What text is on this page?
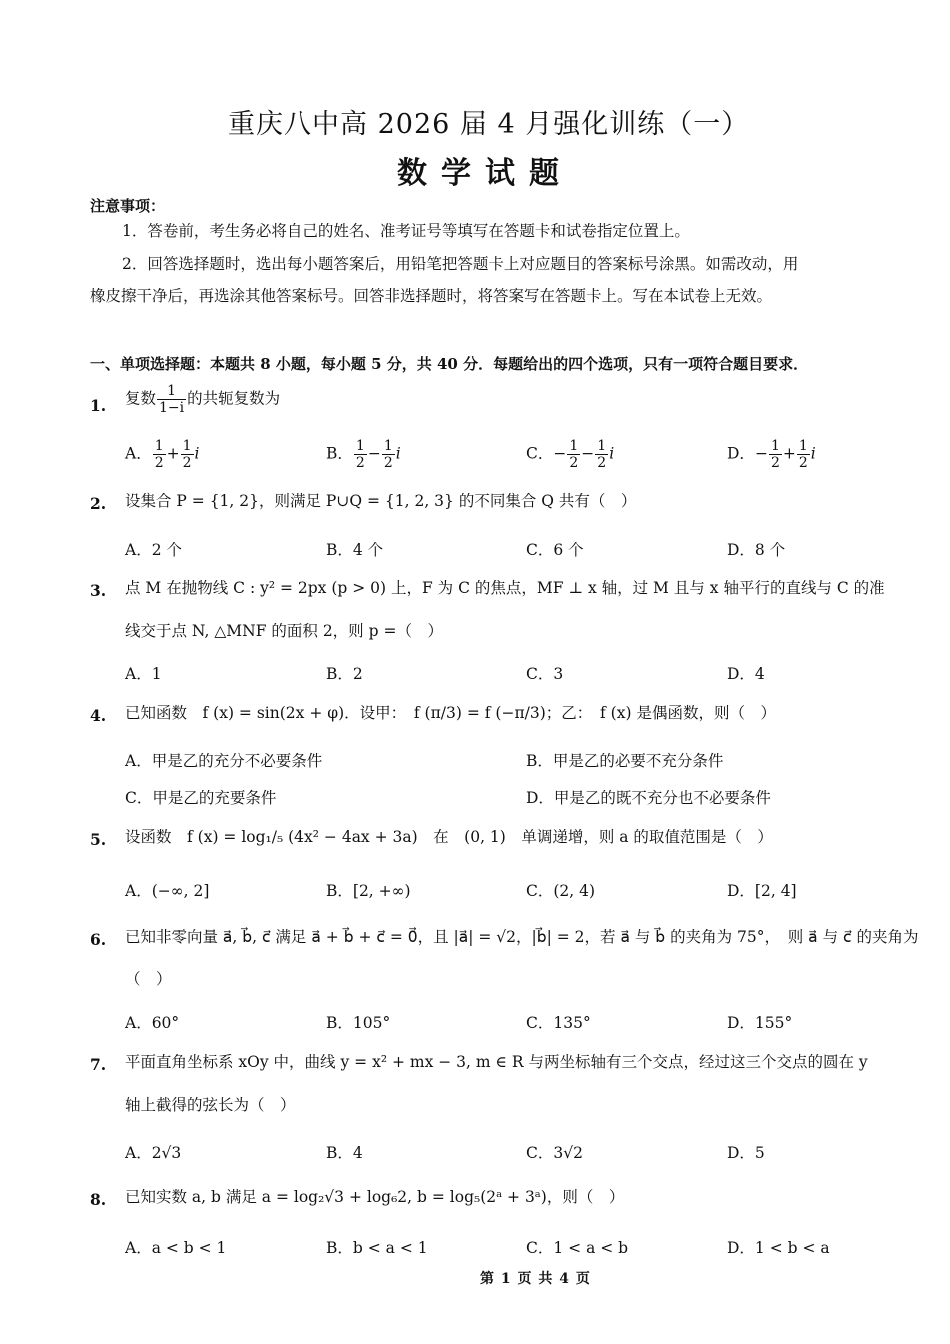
重庆八中高 2026 届 4 月强化训练（一）
数学试题
注意事项：
1．答卷前，考生务必将自己的姓名、准考证号等填写在答题卡和试卷指定位置上。
2．回答选择题时，选出每小题答案后，用铅笔把答题卡上对应题目的答案标号涂黑。如需改动，用
橡皮擦干净后，再选涂其他答案标号。回答非选择题时，将答案写在答题卡上。写在本试卷上无效。
一、单项选择题：本题共 8 小题，每小题 5 分，共 40 分．每题给出的四个选项，只有一项符合题目要求．
1. 复数 $\frac{1}{1-i}$ 的共轭复数为
A． $\frac{1}{2} + \frac{1}{2}$ i	B． $\frac{1}{2} - \frac{1}{2}$ i	C．− $\frac{1}{2} - \frac{1}{2}$ i	D．− $\frac{1}{2} + \frac{1}{2}$ i
2. 设集合 P = {1, 2}，则满足 P∪Q = {1, 2, 3} 的不同集合 Q 共有（　）
A．2 个	B．4 个	C．6 个	D．8 个
3. 点 M 在抛物线 C : y² = 2px (p > 0) 上，F 为 C 的焦点，MF ⊥ x 轴，过 M 且与 x 轴平行的直线与 C 的准
线交于点 N, △MNF 的面积 2，则 p =（　）
A．1	B．2	C．3	D．4
4. 已知函数　f (x) = sin(2x + φ)．设甲：　f (π/3) = f (−π/3)；乙：　f (x) 是偶函数，则（　）
A．甲是乙的充分不必要条件	B．甲是乙的必要不充分条件
C．甲是乙的充要条件	D．甲是乙的既不充分也不必要条件
5. 设函数　f (x) = log₁/₅ (4x² − 4ax + 3a)　在　(0, 1)　单调递增，则 a 的取值范围是（　）
A．(−∞, 2]	B．[2, +∞)	C．(2, 4)	D．[2, 4]
6. 已知非零向量 a⃗, b⃗, c⃗ 满足 a⃗ + b⃗ + c⃗ = 0⃗，且 |a⃗| = √2，|b⃗| = 2，若 a⃗ 与 b⃗ 的夹角为 75°，　则 a⃗ 与 c⃗ 的夹角为
（　）
A．60°	B．105°	C．135°	D．155°
7. 平面直角坐标系 xOy 中，曲线 y = x² + mx − 3, m ∈ R 与两坐标轴有三个交点，经过这三个交点的圆在 y
轴上截得的弦长为（　）
A．2√3	B．4	C．3√2	D．5
8. 已知实数 a, b 满足 a = log₂√3 + log₆2, b = log₅(2ᵃ + 3ᵃ)，则（　）
A．a < b < 1	B．b < a < 1	C．1 < a < b	D．1 < b < a
第 1 页 共 4 页
